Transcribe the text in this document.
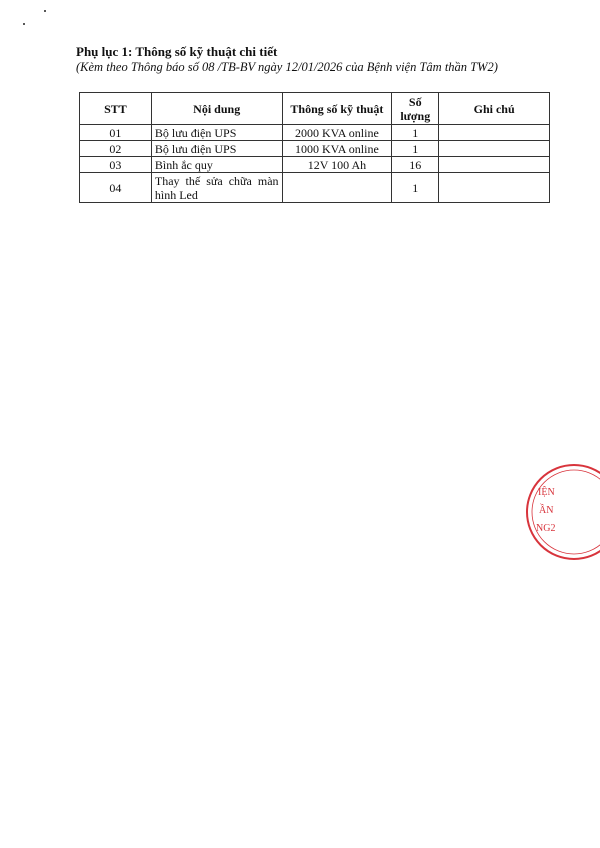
Phụ lục 1: Thông số kỹ thuật chi tiết
(Kèm theo Thông báo số 08 /TB-BV ngày 12/01/2026 của Bệnh viện Tâm thần TW2)
STT	Nội dung	Thông số kỹ thuật	Số lượng	Ghi chú
01	Bộ lưu điện UPS	2000 KVA online	1	
02	Bộ lưu điện UPS	1000 KVA online	1	
03	Bình ắc quy	12V 100 Ah	16	
04	Thay thế sửa chữa màn hình Led		1	
IỆN
ẦN
NG2
